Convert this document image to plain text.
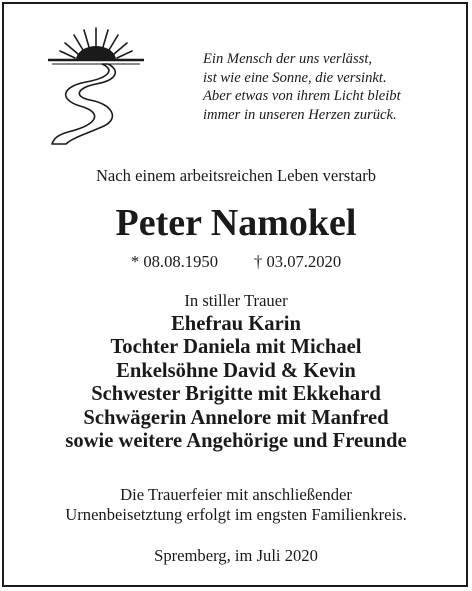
Ein Mensch der uns verlässt,
ist wie eine Sonne, die versinkt.
Aber etwas von ihrem Licht bleibt
immer in unseren Herzen zurück.
Nach einem arbeitsreichen Leben verstarb
Peter Namokel
* 08.08.1950 † 03.07.2020
In stiller Trauer
Ehefrau Karin
Tochter Daniela mit Michael
Enkelsöhne David & Kevin
Schwester Brigitte mit Ekkehard
Schwägerin Annelore mit Manfred
sowie weitere Angehörige und Freunde
Die Trauerfeier mit anschließender
Urnenbeisetztung erfolgt im engsten Familienkreis.
Spremberg, im Juli 2020
